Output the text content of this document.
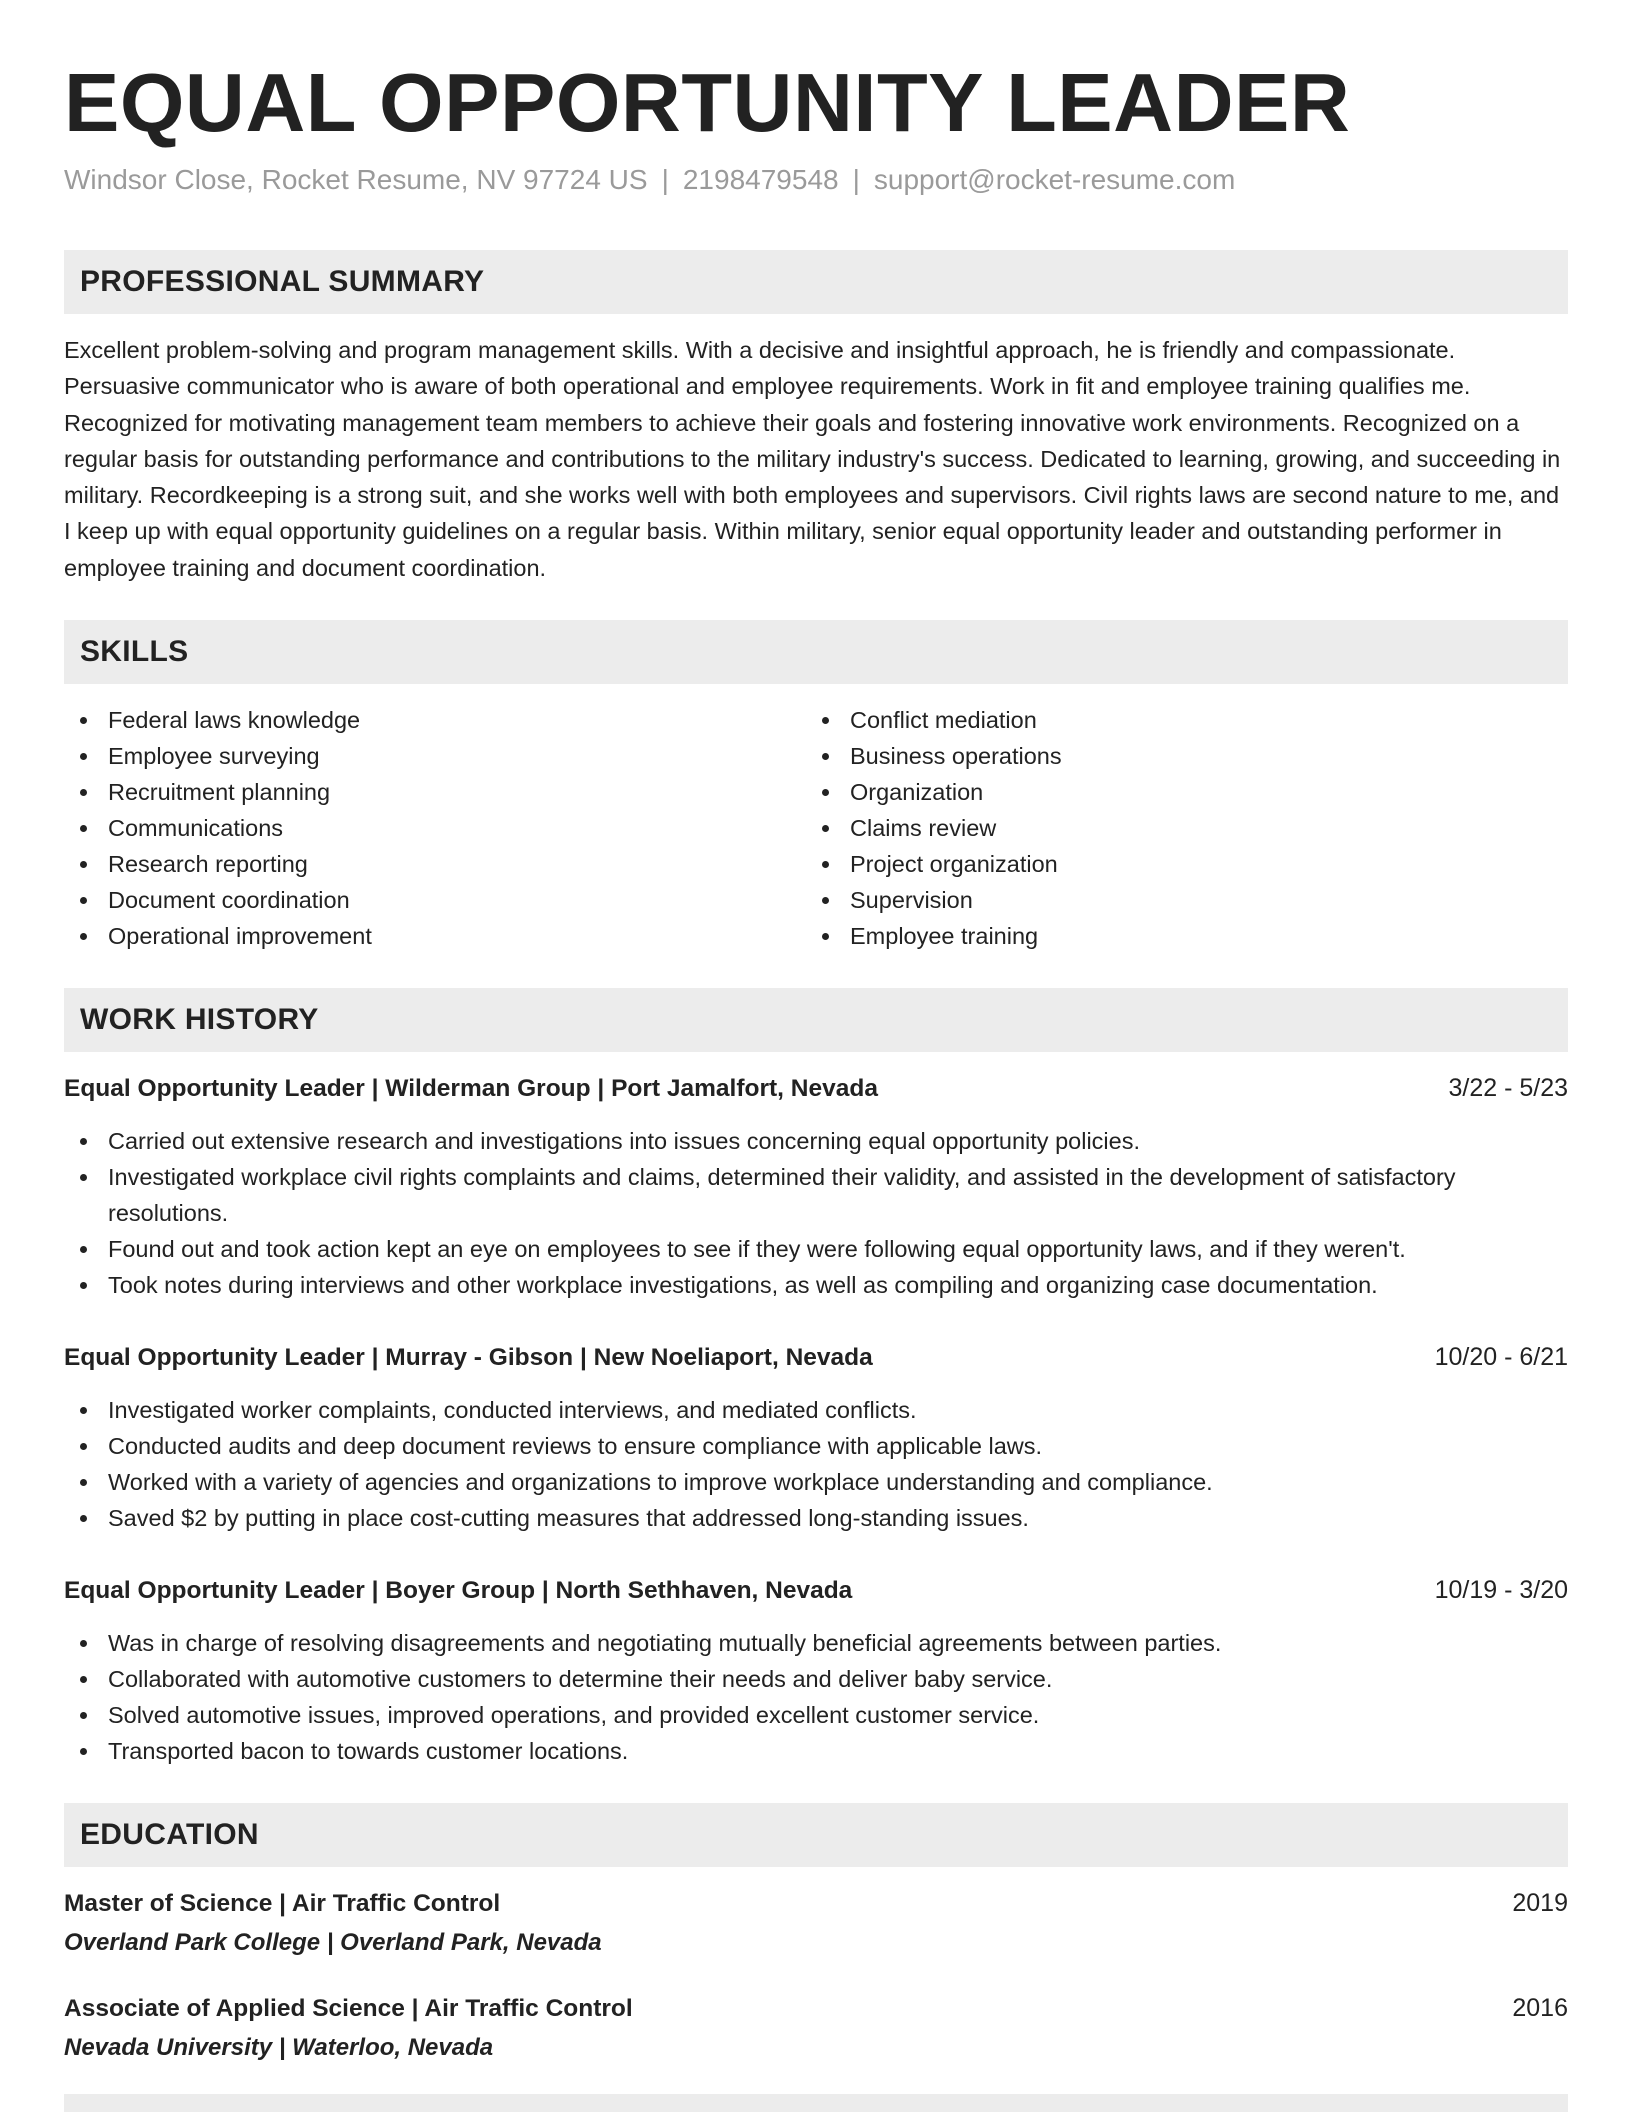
EQUAL OPPORTUNITY LEADER
Windsor Close, Rocket Resume, NV 97724 US | 2198479548 | support@rocket-resume.com
PROFESSIONAL SUMMARY

Excellent problem-solving and program management skills. With a decisive and insightful approach, he is friendly and compassionate. Persuasive communicator who is aware of both operational and employee requirements. Work in fit and employee training qualifies me. Recognized for motivating management team members to achieve their goals and fostering innovative work environments. Recognized on a regular basis for outstanding performance and contributions to the military industry's success. Dedicated to learning, growing, and succeeding in military. Recordkeeping is a strong suit, and she works well with both employees and supervisors. Civil rights laws are second nature to me, and I keep up with equal opportunity guidelines on a regular basis. Within military, senior equal opportunity leader and outstanding performer in employee training and document coordination.

SKILLS
Federal laws knowledge
Employee surveying
Recruitment planning
Communications
Research reporting
Document coordination
Operational improvement
Conflict mediation
Business operations
Organization
Claims review
Project organization
Supervision
Employee training
WORK HISTORY
Equal Opportunity Leader | Wilderman Group | Port Jamalfort, Nevada	3/22 - 5/23
Carried out extensive research and investigations into issues concerning equal opportunity policies.
Investigated workplace civil rights complaints and claims, determined their validity, and assisted in the development of satisfactory resolutions.
Found out and took action kept an eye on employees to see if they were following equal opportunity laws, and if they weren't.
Took notes during interviews and other workplace investigations, as well as compiling and organizing case documentation.
Equal Opportunity Leader | Murray - Gibson | New Noeliaport, Nevada	10/20 - 6/21
Investigated worker complaints, conducted interviews, and mediated conflicts.
Conducted audits and deep document reviews to ensure compliance with applicable laws.
Worked with a variety of agencies and organizations to improve workplace understanding and compliance.
Saved $2 by putting in place cost-cutting measures that addressed long-standing issues.
Equal Opportunity Leader | Boyer Group | North Sethhaven, Nevada	10/19 - 3/20
Was in charge of resolving disagreements and negotiating mutually beneficial agreements between parties.
Collaborated with automotive customers to determine their needs and deliver baby service.
Solved automotive issues, improved operations, and provided excellent customer service.
Transported bacon to towards customer locations.
EDUCATION
Master of Science | Air Traffic Control	2019
Overland Park College | Overland Park, Nevada
Associate of Applied Science | Air Traffic Control	2016
Nevada University | Waterloo, Nevada
